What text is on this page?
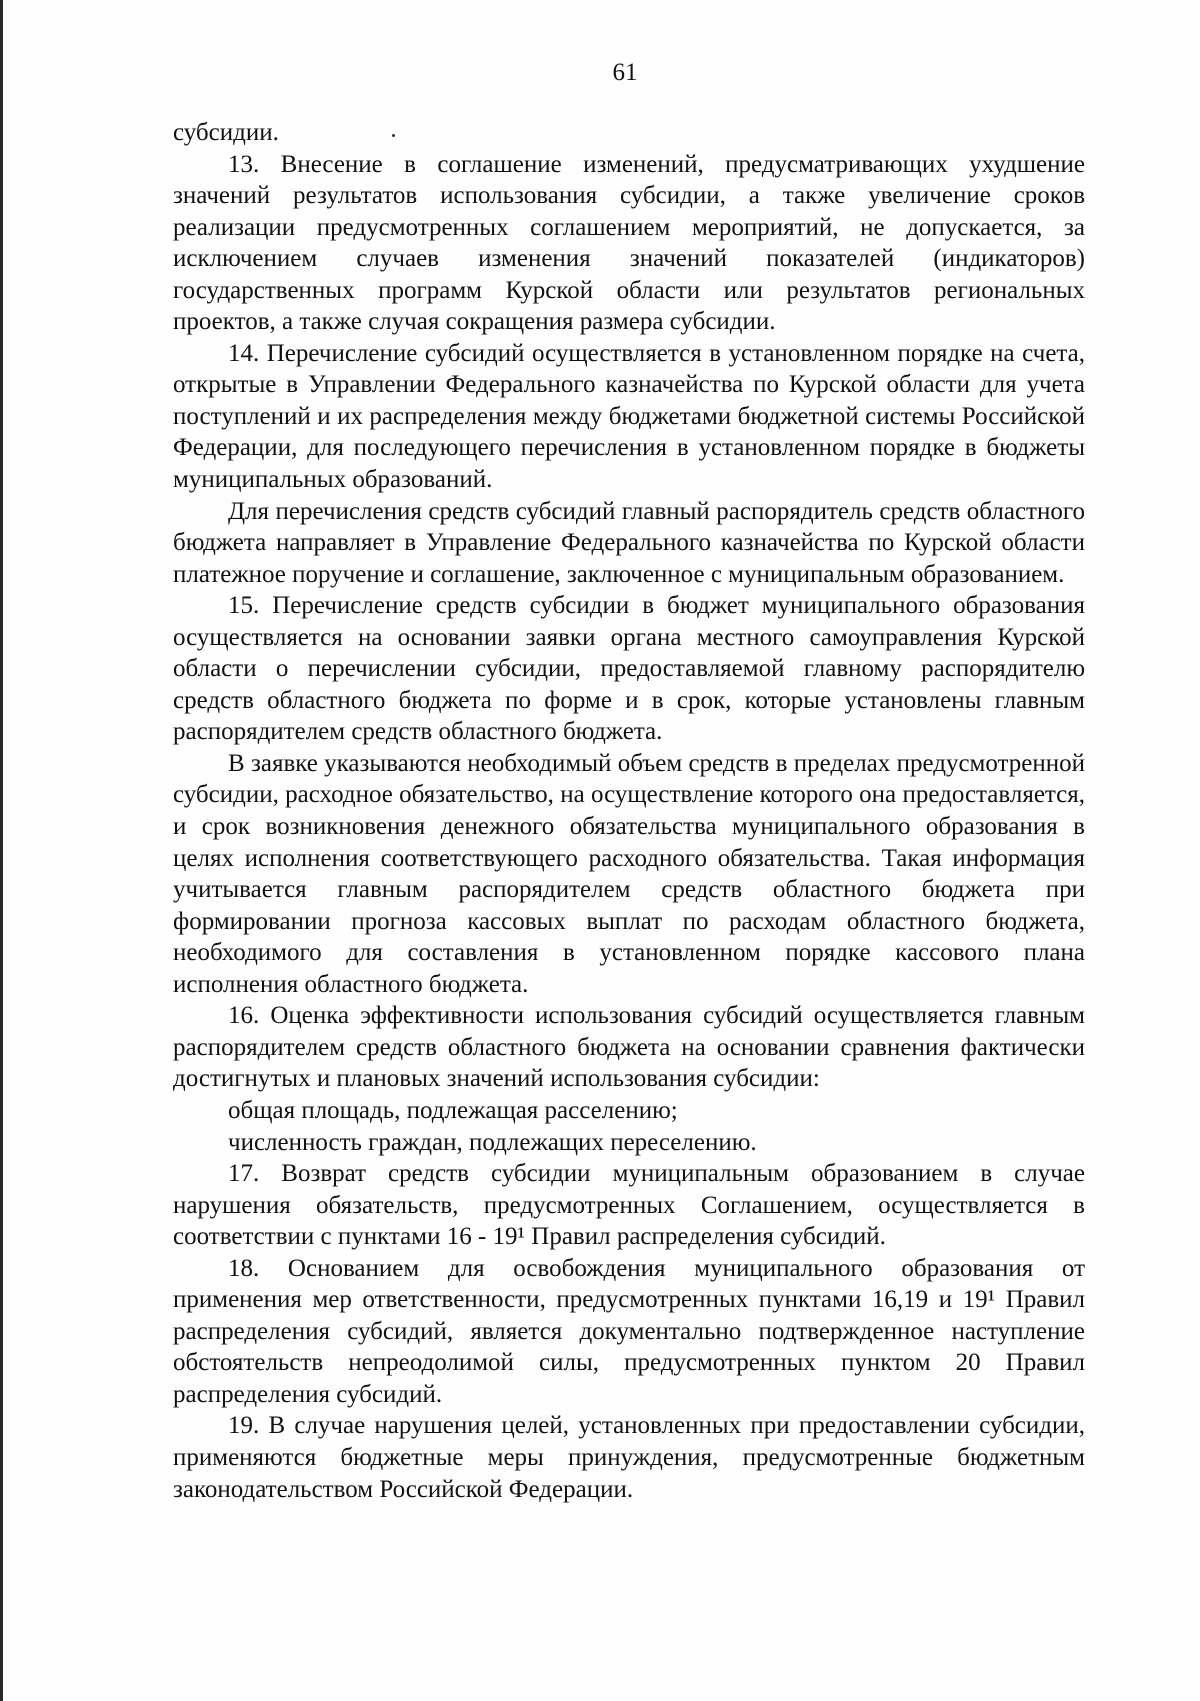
61

субсидии.

13. Внесение в соглашение изменений, предусматривающих ухудшение значений результатов использования субсидии, а также увеличение сроков реализации предусмотренных соглашением мероприятий, не допускается, за исключением случаев изменения значений показателей (индикаторов) государственных программ Курской области или результатов региональных проектов, а также случая сокращения размера субсидии.

14. Перечисление субсидий осуществляется в установленном порядке на счета, открытые в Управлении Федерального казначейства по Курской области для учета поступлений и их распределения между бюджетами бюджетной системы Российской Федерации, для последующего перечисления в установленном порядке в бюджеты муниципальных образований.

Для перечисления средств субсидий главный распорядитель средств областного бюджета направляет в Управление Федерального казначейства по Курской области платежное поручение и соглашение, заключенное с муниципальным образованием.

15. Перечисление средств субсидии в бюджет муниципального образования осуществляется на основании заявки органа местного самоуправления Курской области о перечислении субсидии, предоставляемой главному распорядителю средств областного бюджета по форме и в срок, которые установлены главным распорядителем средств областного бюджета.

В заявке указываются необходимый объем средств в пределах предусмотренной субсидии, расходное обязательство, на осуществление которого она предоставляется, и срок возникновения денежного обязательства муниципального образования в целях исполнения соответствующего расходного обязательства. Такая информация учитывается главным распорядителем средств областного бюджета при формировании прогноза кассовых выплат по расходам областного бюджета, необходимого для составления в установленном порядке кассового плана исполнения областного бюджета.

16. Оценка эффективности использования субсидий осуществляется главным распорядителем средств областного бюджета на основании сравнения фактически достигнутых и плановых значений использования субсидии:

общая площадь, подлежащая расселению;

численность граждан, подлежащих переселению.

17. Возврат средств субсидии муниципальным образованием в случае нарушения обязательств, предусмотренных Соглашением, осуществляется в соответствии с пунктами 16 - 19¹ Правил распределения субсидий.

18. Основанием для освобождения муниципального образования от применения мер ответственности, предусмотренных пунктами 16,19 и 19¹ Правил распределения субсидий, является документально подтвержденное наступление обстоятельств непреодолимой силы, предусмотренных пунктом 20 Правил распределения субсидий.

19. В случае нарушения целей, установленных при предоставлении субсидии, применяются бюджетные меры принуждения, предусмотренные бюджетным законодательством Российской Федерации.
